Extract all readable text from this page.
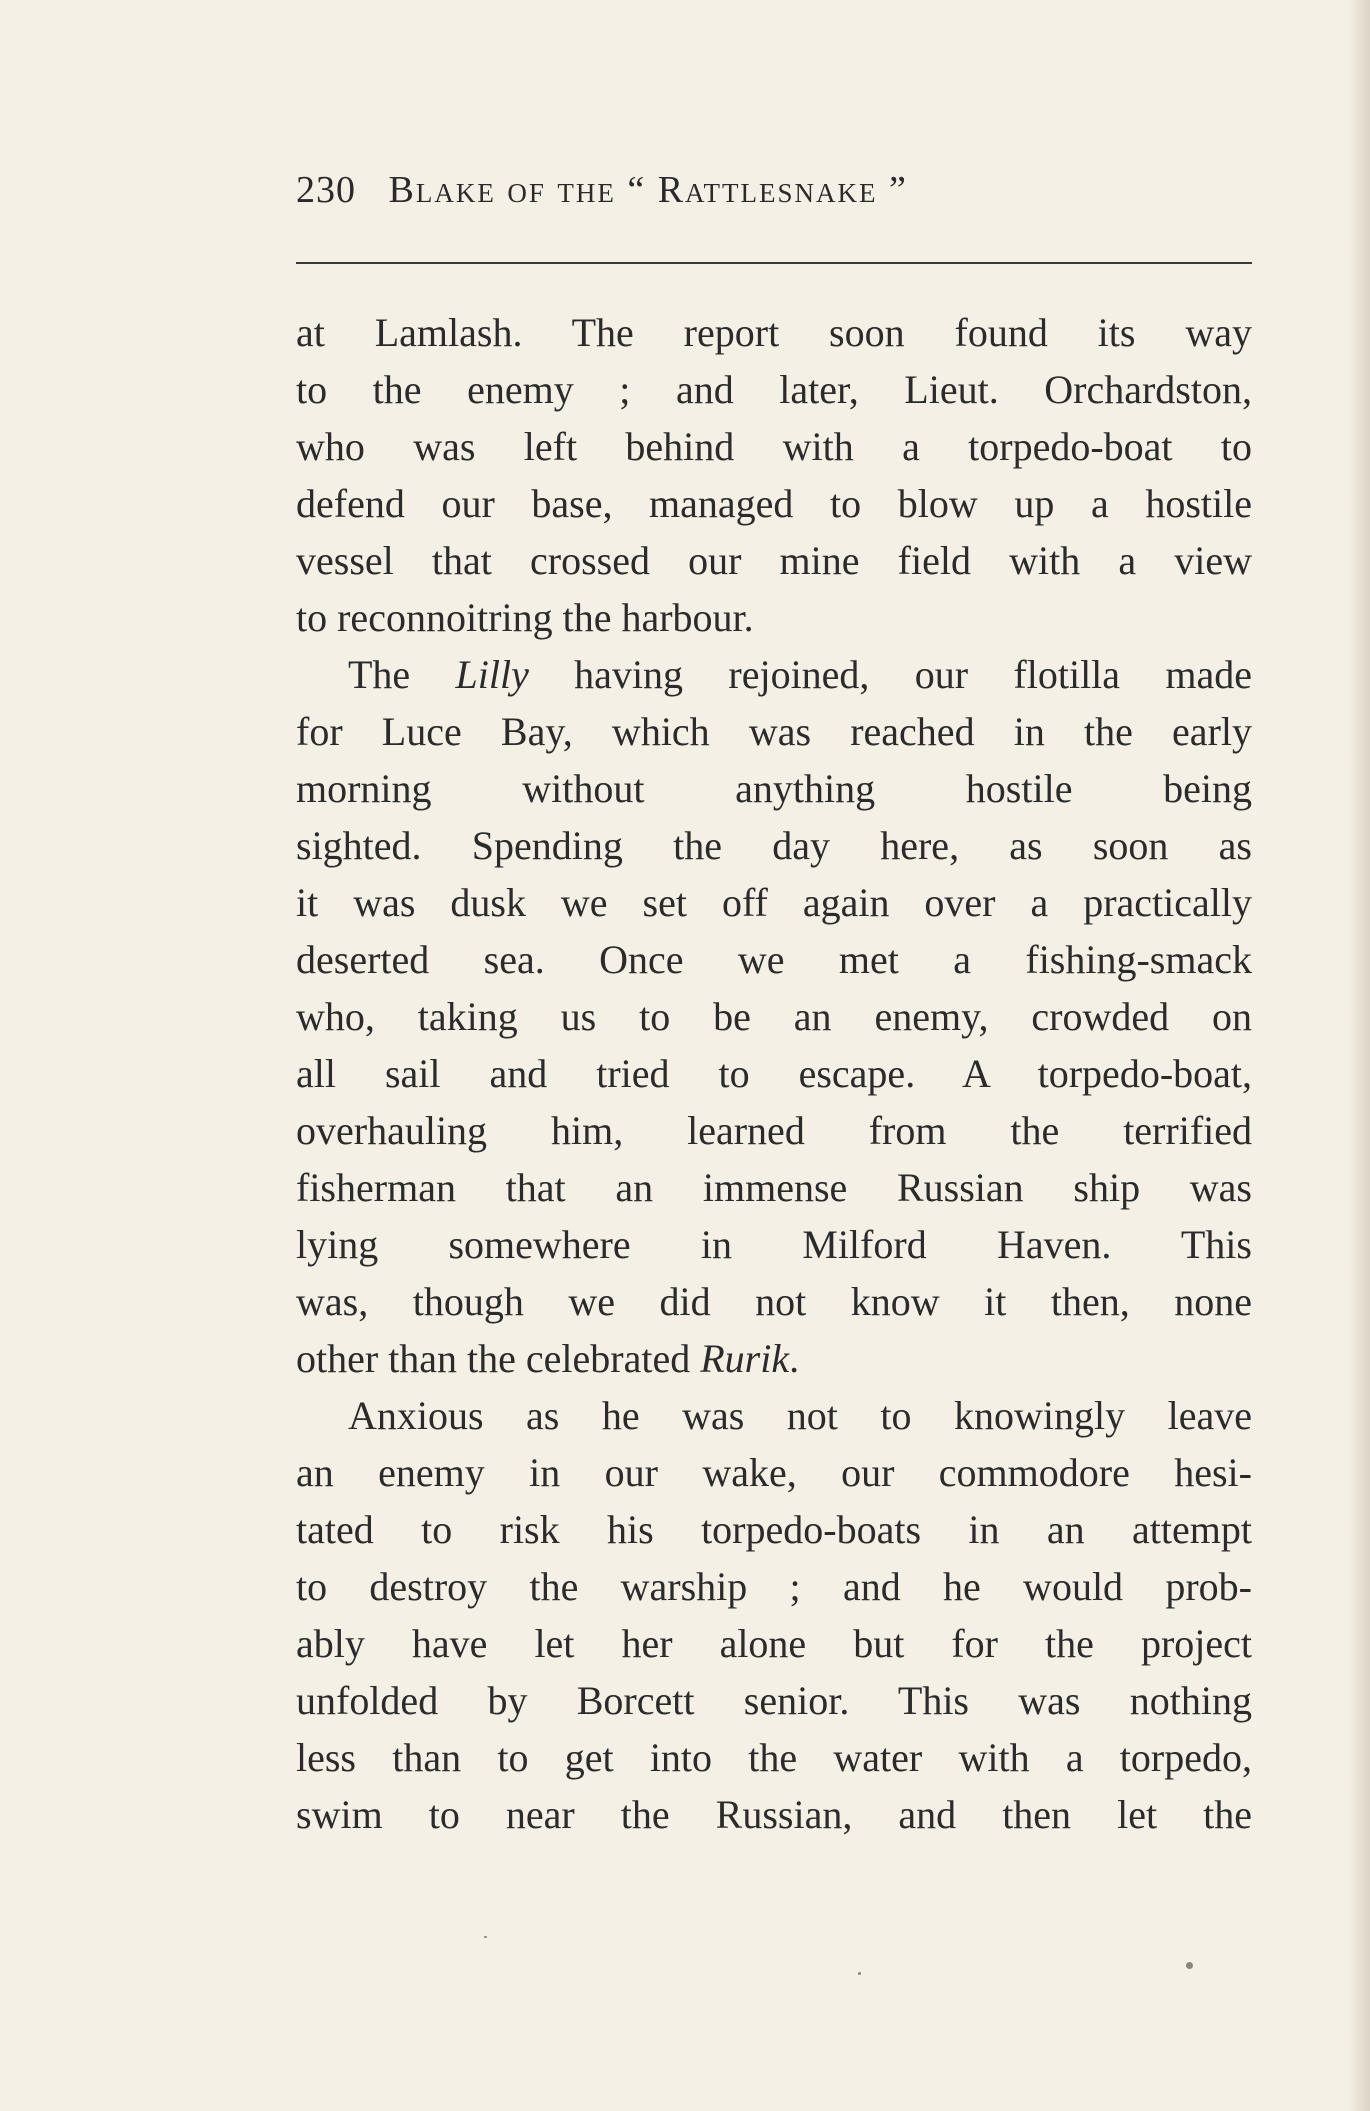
230 Blake of the “ Rattlesnake ”
at Lamlash. The report soon found its way
to the enemy ; and later, Lieut. Orchardston,
who was left behind with a torpedo-boat to
defend our base, managed to blow up a hostile
vessel that crossed our mine field with a view
to reconnoitring the harbour.
The Lilly having rejoined, our flotilla made
for Luce Bay, which was reached in the early
morning without anything hostile being
sighted. Spending the day here, as soon as
it was dusk we set off again over a practically
deserted sea. Once we met a fishing-smack
who, taking us to be an enemy, crowded on
all sail and tried to escape. A torpedo-boat,
overhauling him, learned from the terrified
fisherman that an immense Russian ship was
lying somewhere in Milford Haven. This
was, though we did not know it then, none
other than the celebrated Rurik.
Anxious as he was not to knowingly leave
an enemy in our wake, our commodore hesi-
tated to risk his torpedo-boats in an attempt
to destroy the warship ; and he would prob-
ably have let her alone but for the project
unfolded by Borcett senior. This was nothing
less than to get into the water with a torpedo,
swim to near the Russian, and then let the
